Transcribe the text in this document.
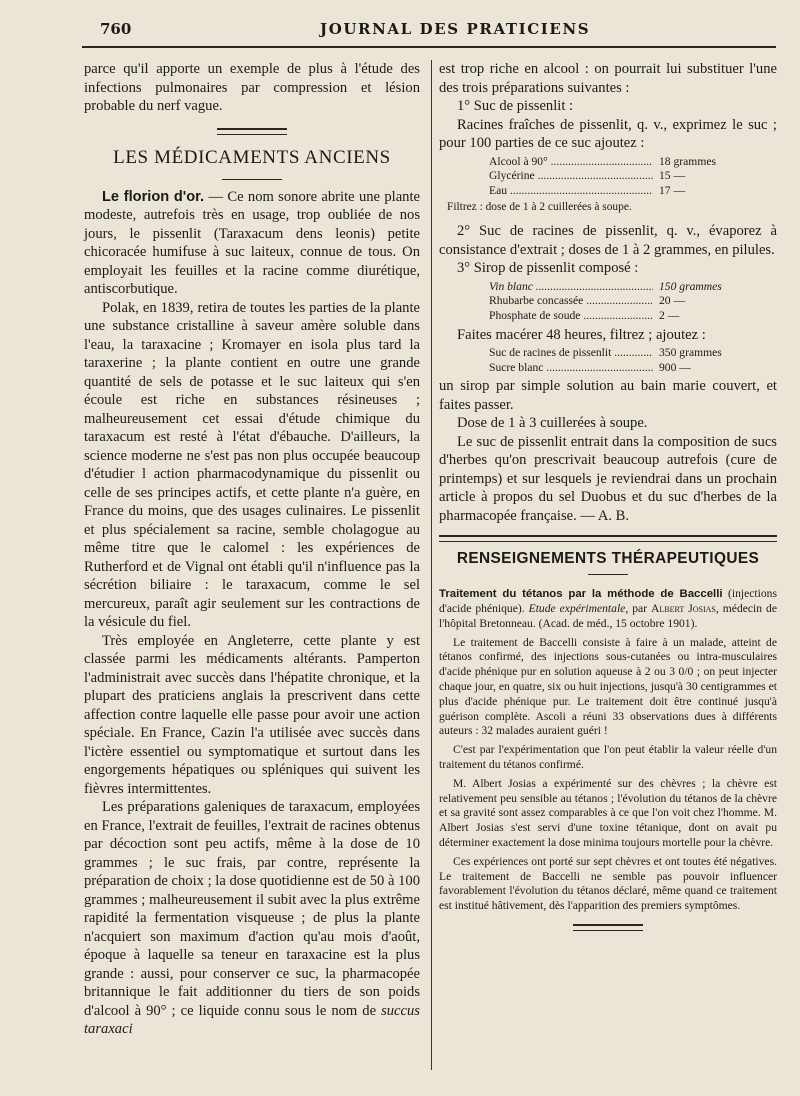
760	JOURNAL DES PRATICIENS

parce qu'il apporte un exemple de plus à l'étude des infections pulmonaires par compression et lésion probable du nerf vague.

LES MÉDICAMENTS ANCIENS

Le florion d'or. — Ce nom sonore abrite une plante modeste, autrefois très en usage, trop oubliée de nos jours, le pissenlit (Taraxacum dens leonis) petite chicoracée humifuse à suc laiteux, connue de tous. On employait les feuilles et la racine comme diurétique, antiscorbutique.

Polak, en 1839, retira de toutes les parties de la plante une substance cristalline à saveur amère soluble dans l'eau, la taraxacine ; Kromayer en isola plus tard la taraxerine ; la plante contient en outre une grande quantité de sels de potasse et le suc laiteux qui s'en écoule est riche en substances résineuses ; malheureusement cet essai d'étude chimique du taraxacum est resté à l'état d'ébauche. D'ailleurs, la science moderne ne s'est pas non plus occupée beaucoup d'étudier l action pharmacodynamique du pissenlit ou celle de ses principes actifs, et cette plante n'a guère, en France du moins, que des usages culinaires. Le pissenlit et plus spécialement sa racine, semble cholagogue au même titre que le calomel : les expériences de Rutherford et de Vignal ont établi qu'il n'influence pas la sécrétion biliaire : le taraxacum, comme le sel mercureux, paraît agir seulement sur les contractions de la vésicule du fiel.

Très employée en Angleterre, cette plante y est classée parmi les médicaments altérants. Pamperton l'administrait avec succès dans l'hépatite chronique, et la plupart des praticiens anglais la prescrivent dans cette affection contre laquelle elle passe pour avoir une action spéciale. En France, Cazin l'a utilisée avec succès dans l'ictère essentiel ou symptomatique et surtout dans les engorgements hépatiques ou spléniques qui suivent les fièvres intermittentes.

Les préparations galeniques de taraxacum, employées en France, l'extrait de feuilles, l'extrait de racines obtenus par décoction sont peu actifs, même à la dose de 10 grammes ; le suc frais, par contre, représente la préparation de choix ; la dose quotidienne est de 50 à 100 grammes ; malheureusement il subit avec la plus extrême rapidité la fermentation visqueuse ; de plus la plante n'acquiert son maximum d'action qu'au mois d'août, époque à laquelle sa teneur en taraxacine est la plus grande : aussi, pour conserver ce suc, la pharmacopée britannique le fait additionner du tiers de son poids d'alcool à 90° ; ce liquide connu sous le nom de succus taraxaci

est trop riche en alcool : on pourrait lui substituer l'une des trois préparations suivantes :

1° Suc de pissenlit :

Racines fraîches de pissenlit, q. v., exprimez le suc ; pour 100 parties de ce suc ajoutez :

Alcool à 90° .....	18 grammes
Glycérine .....	15 —
Eau .....	17 —

Filtrez : dose de 1 à 2 cuillerées à soupe.

2° Suc de racines de pissenlit, q. v., évaporez à consistance d'extrait ; doses de 1 à 2 grammes, en pilules.

3° Sirop de pissenlit composé :

Vin blanc .....	150 grammes
Rhubarbe concassée .....	20 —
Phosphate de soude .....	2 —

Faites macérer 48 heures, filtrez ; ajoutez :

Suc de racines de pissenlit .....	350 grammes
Sucre blanc .....	900 —

un sirop par simple solution au bain marie couvert, et faites passer.

Dose de 1 à 3 cuillerées à soupe.

Le suc de pissenlit entrait dans la composition de sucs d'herbes qu'on prescrivait beaucoup autrefois (cure de printemps) et sur lesquels je reviendrai dans un prochain article à propos du sel Duobus et du suc d'herbes de la pharmacopée française. — A. B.

RENSEIGNEMENTS THÉRAPEUTIQUES

Traitement du tétanos par la méthode de Baccelli (injections d'acide phénique). Etude expérimentale, par Albert Josias, médecin de l'hôpital Bretonneau. (Acad. de méd., 15 octobre 1901).

Le traitement de Baccelli consiste à faire à un malade, atteint de tétanos confirmé, des injections sous-cutanées ou intra-musculaires d'acide phénique pur en solution aqueuse à 2 ou 3 0/0 ; on peut injecter chaque jour, en quatre, six ou huit injections, jusqu'à 30 centigrammes et plus d'acide phénique pur. Le traitement doit être continué jusqu'à guérison complète. Ascoli a réuni 33 observations dues à différents auteurs : 32 malades auraient guéri !

C'est par l'expérimentation que l'on peut établir la valeur réelle d'un traitement du tétanos confirmé.

M. Albert Josias a expérimenté sur des chèvres ; la chèvre est relativement peu sensible au tétanos ; l'évolution du tétanos de la chèvre et sa gravité sont assez comparables à ce que l'on voit chez l'homme. M. Albert Josias s'est servi d'une toxine tétanique, dont on avait pu déterminer exactement la dose minima toujours mortelle pour la chèvre.

Ces expériences ont porté sur sept chèvres et ont toutes été négatives. Le traitement de Baccelli ne semble pas pouvoir influencer favorablement l'évolution du tétanos déclaré, même quand ce traitement est institué hâtivement, dès l'apparition des premiers symptômes.
